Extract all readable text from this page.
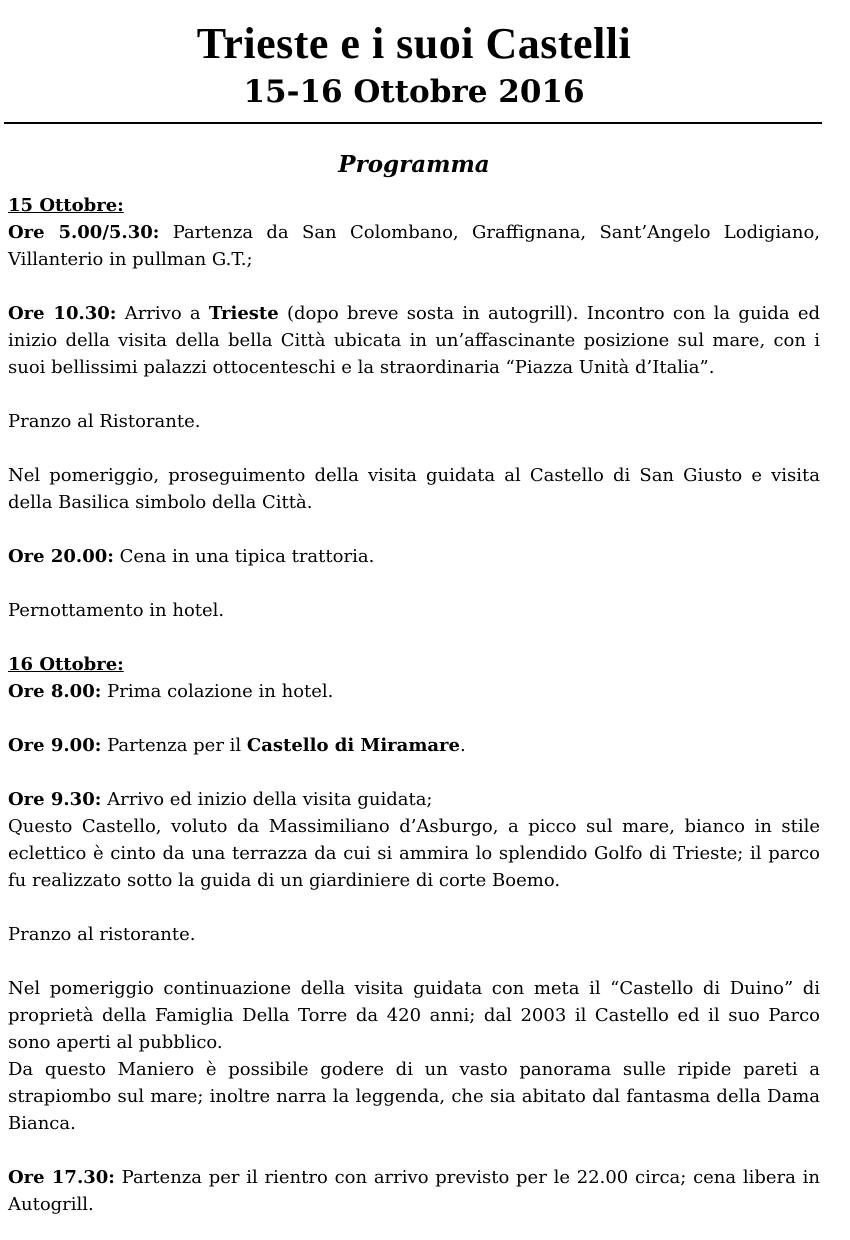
Trieste e i suoi Castelli
15-16 Ottobre 2016
Programma

15 Ottobre:

Ore 5.00/5.30: Partenza da San Colombano, Graffignana, Sant’Angelo Lodigiano, Villanterio in pullman G.T.;

Ore 10.30: Arrivo a Trieste (dopo breve sosta in autogrill). Incontro con la guida ed inizio della visita della bella Città ubicata in un’affascinante posizione sul mare, con i suoi bellissimi palazzi ottocenteschi e la straordinaria “Piazza Unità d’Italia”.

Pranzo al Ristorante.

Nel pomeriggio, proseguimento della visita guidata al Castello di San Giusto e visita della Basilica simbolo della Città.

Ore 20.00: Cena in una tipica trattoria.

Pernottamento in hotel.

16 Ottobre:

Ore 8.00: Prima colazione in hotel.

Ore 9.00: Partenza per il Castello di Miramare.

Ore 9.30: Arrivo ed inizio della visita guidata;

Questo Castello, voluto da Massimiliano d’Asburgo, a picco sul mare, bianco in stile eclettico è cinto da una terrazza da cui si ammira lo splendido Golfo di Trieste; il parco fu realizzato sotto la guida di un giardiniere di corte Boemo.

Pranzo al ristorante.

Nel pomeriggio continuazione della visita guidata con meta il “Castello di Duino” di proprietà della Famiglia Della Torre da 420 anni; dal 2003 il Castello ed il suo Parco sono aperti al pubblico.

Da questo Maniero è possibile godere di un vasto panorama sulle ripide pareti a strapiombo sul mare; inoltre narra la leggenda, che sia abitato dal fantasma della Dama Bianca.

Ore 17.30: Partenza per il rientro con arrivo previsto per le 22.00 circa; cena libera in Autogrill.
